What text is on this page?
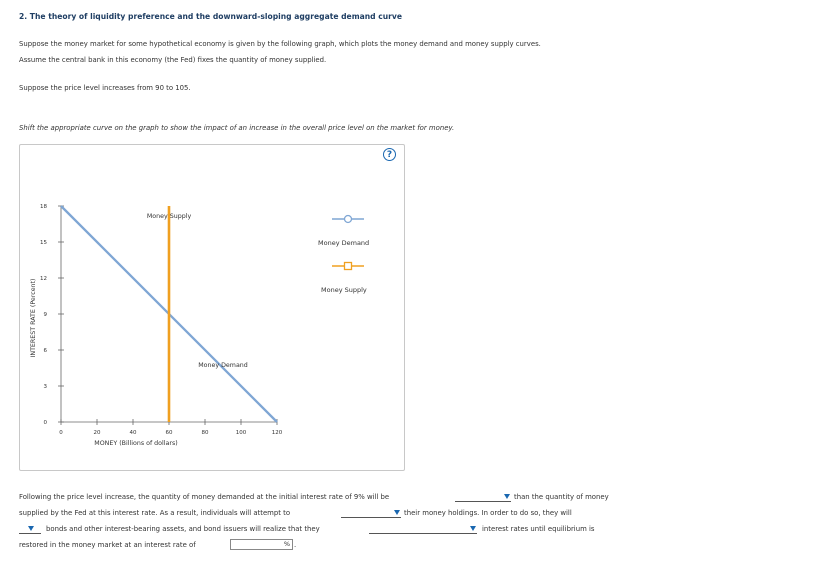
2. The theory of liquidity preference and the downward-sloping aggregate demand curve
Suppose the money market for some hypothetical economy is given by the following graph, which plots the money demand and money supply curves.
Assume the central bank in this economy (the Fed) fixes the quantity of money supplied.
Suppose the price level increases from 90 to 105.
Shift the appropriate curve on the graph to show the impact of an increase in the overall price level on the market for money.
?
0
3
6
9
12
15
18
0	20	40	60	80	100	120
MONEY (Billions of dollars)
INTEREST RATE (Percent)
Money Supply
Money Demand
Money Demand
Money Supply
Following the price level increase, the quantity of money demanded at the initial interest rate of 9% will be	than the quantity of money
supplied by the Fed at this interest rate. As a result, individuals will attempt to	their money holdings. In order to do so, they will
bonds and other interest-bearing assets, and bond issuers will realize that they	interest rates until equilibrium is
restored in the money market at an interest rate of	% .
